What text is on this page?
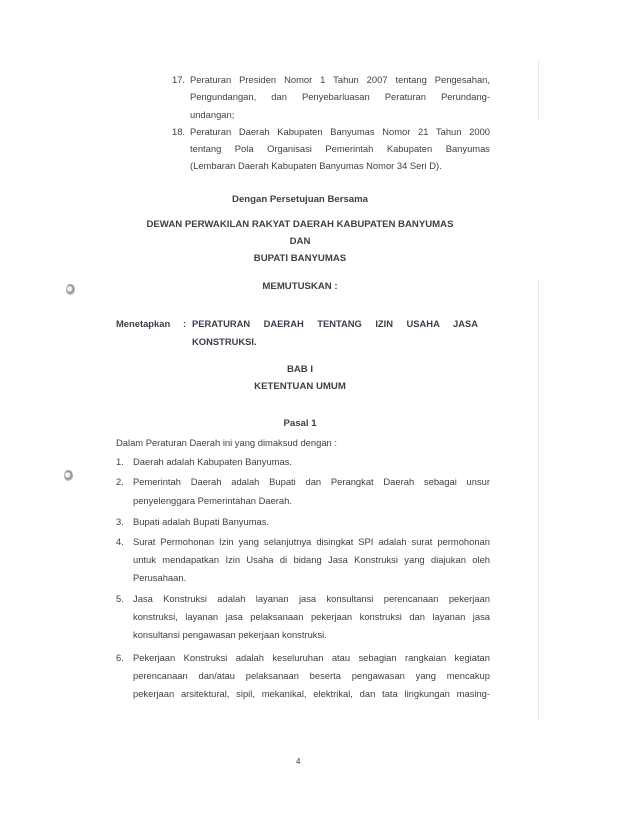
17. Peraturan Presiden Nomor 1 Tahun 2007 tentang Pengesahan,
Pengundangan, dan Penyebarluasan Peraturan Perundang-
undangan;
18. Peraturan Daerah Kabupaten Banyumas Nomor 21 Tahun 2000
tentang Pola Organisasi Pemerintah Kabupaten Banyumas
(Lembaran Daerah Kabupaten Banyumas Nomor 34 Seri D).
Dengan Persetujuan Bersama
DEWAN PERWAKILAN RAKYAT DAERAH KABUPATEN BANYUMAS
DAN
BUPATI BANYUMAS
MEMUTUSKAN :
Menetapkan : PERATURAN DAERAH TENTANG IZIN USAHA JASA
KONSTRUKSI.
BAB I
KETENTUAN UMUM
Pasal 1
Dalam Peraturan Daerah ini yang dimaksud dengan :
1. Daerah adalah Kabupaten Banyumas.
2. Pemerintah Daerah adalah Bupati dan Perangkat Daerah sebagai unsur
penyelenggara Pemerintahan Daerah.
3. Bupati adalah Bupati Banyumas.
4. Surat Permohonan Izin yang selanjutnya disingkat SPI adalah surat permohonan
untuk mendapatkan Izin Usaha di bidang Jasa Konstruksi yang diajukan oleh
Perusahaan.
5. Jasa Konstruksi adalah layanan jasa konsultansi perencanaan pekerjaan
konstruksi, layanan jasa pelaksanaan pekerjaan konstruksi dan layanan jasa
konsultansi pengawasan pekerjaan konstruksi.
6. Pekerjaan Konstruksi adalah keseluruhan atau sebagian rangkaian kegiatan
perencanaan dan/atau pelaksanaan beserta pengawasan yang mencakup
pekerjaan arsitektural, sipil, mekanikal, elektrikal, dan tata lingkungan masing-
4
